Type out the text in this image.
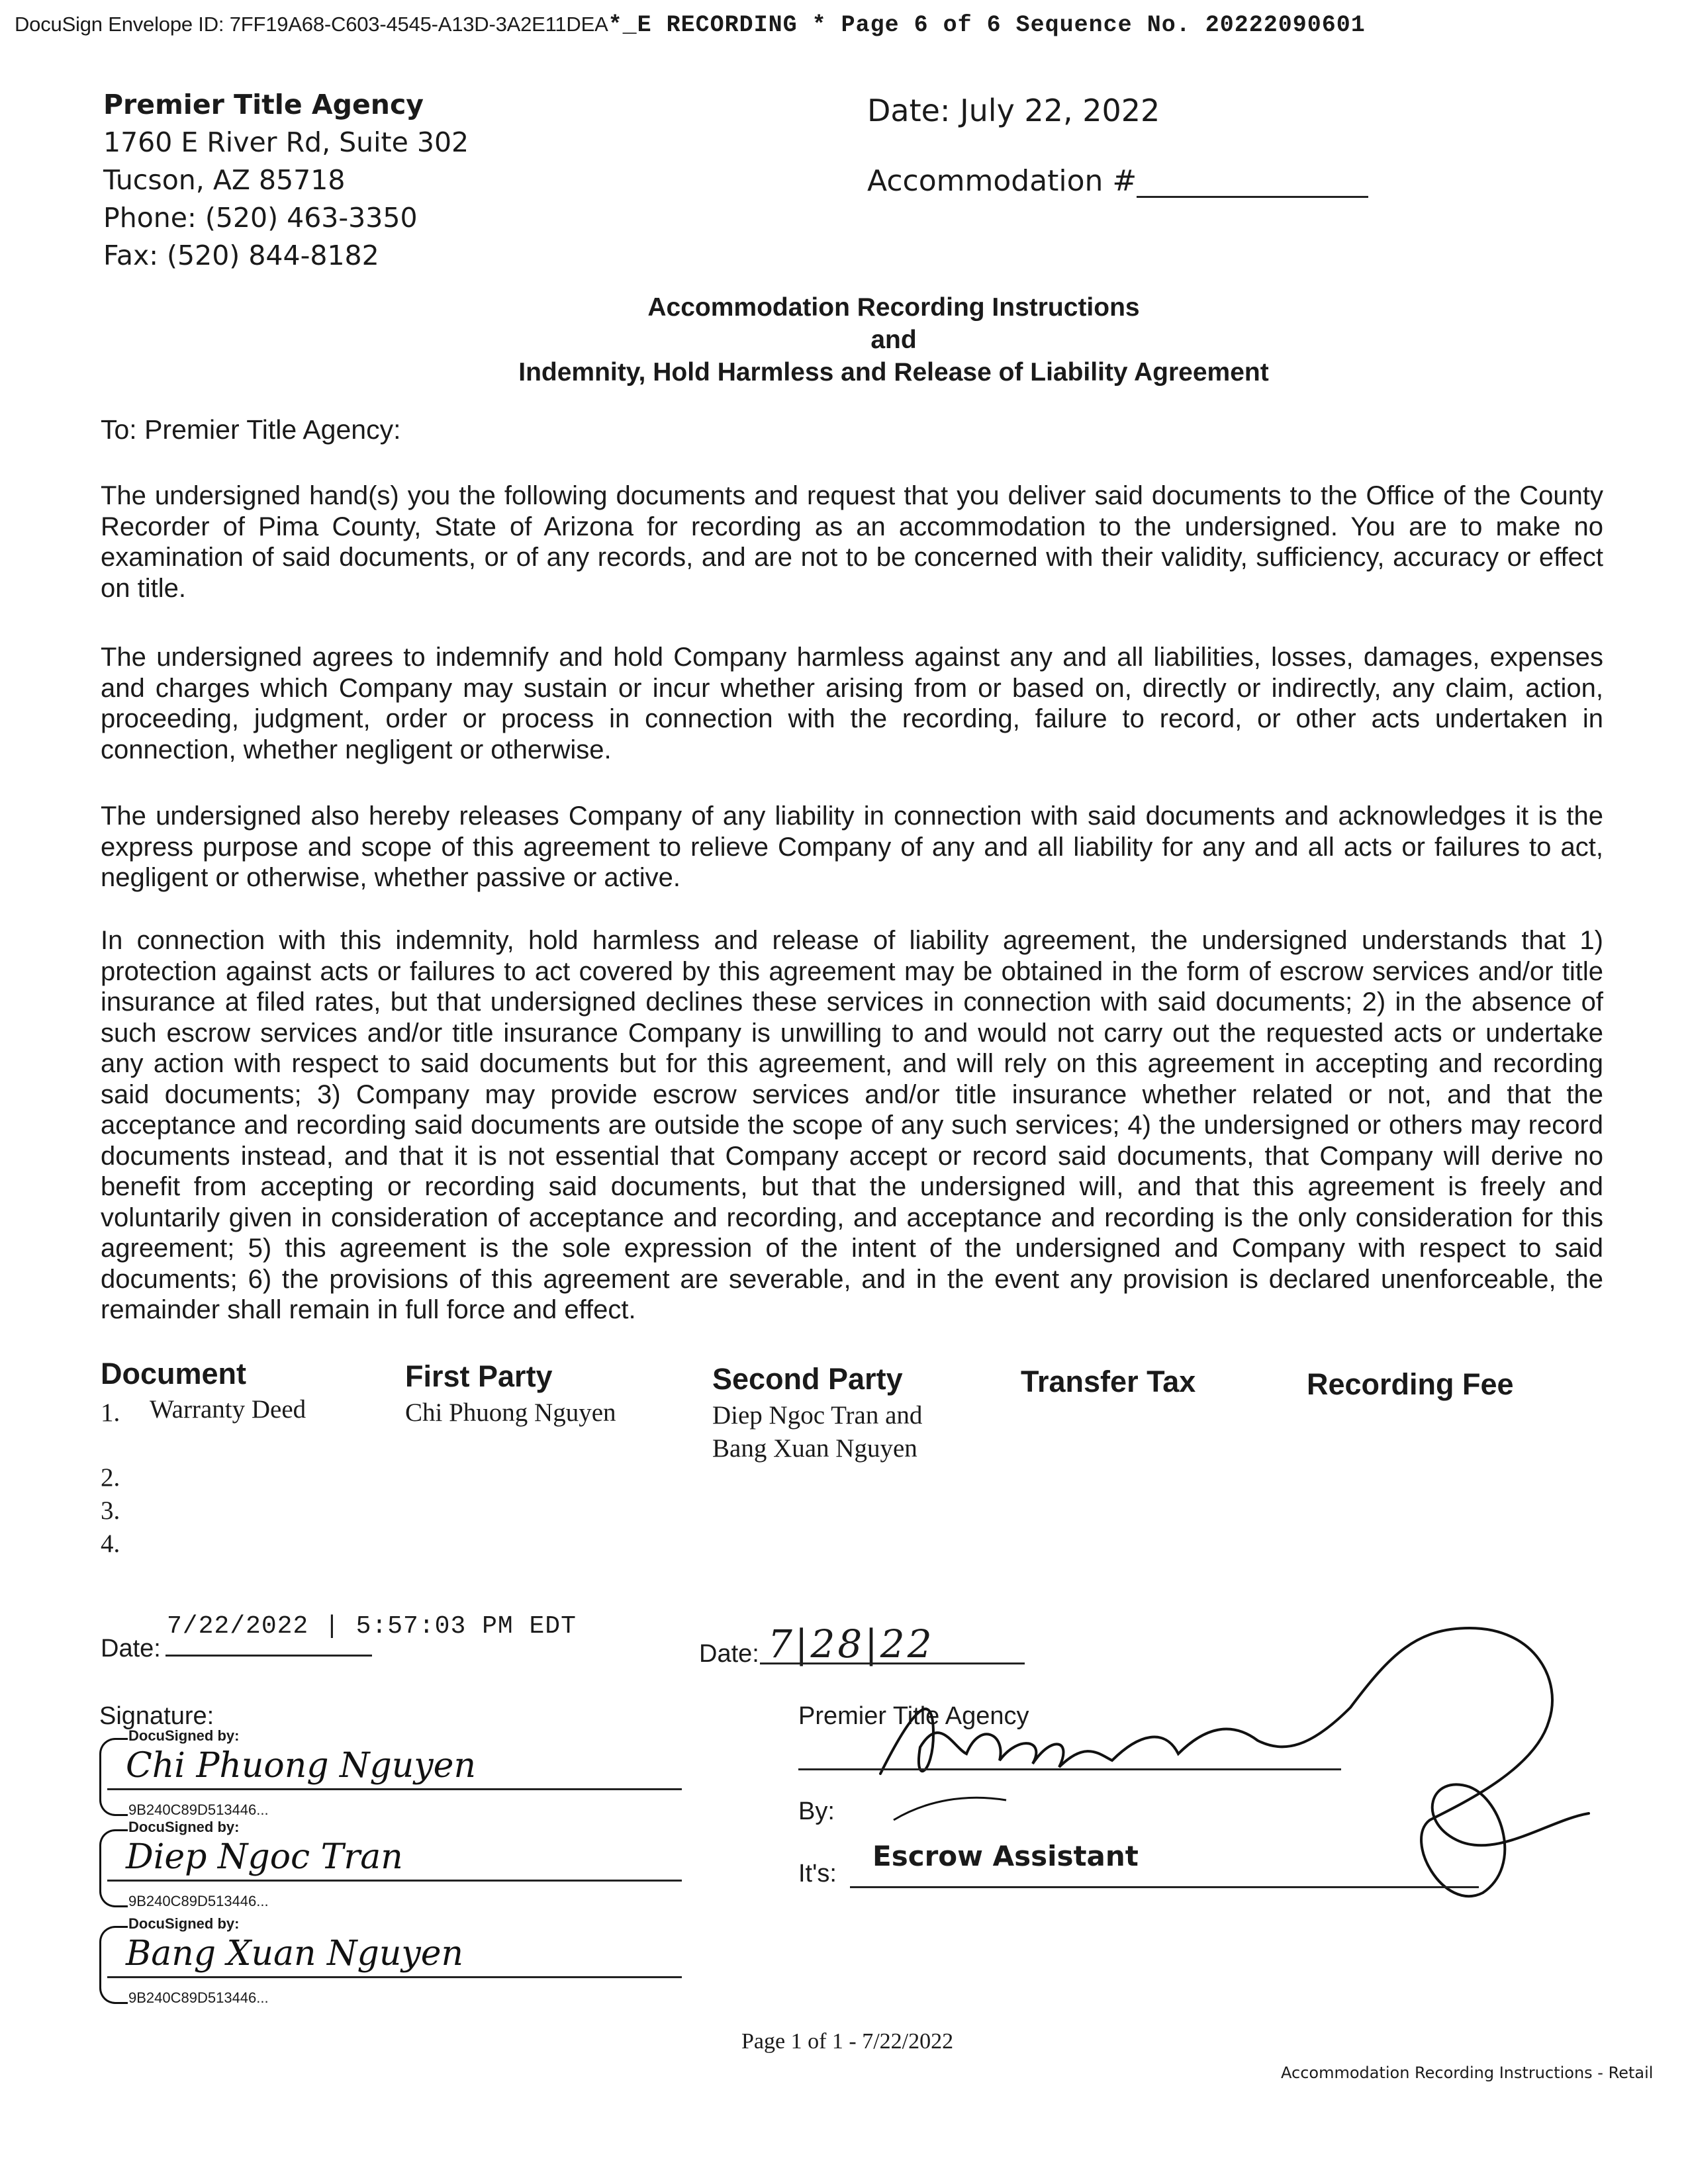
DocuSign Envelope ID: 7FF19A68-C603-4545-A13D-3A2E11DEA*_E RECORDING * Page 6 of 6 Sequence No. 20222090601
Premier Title Agency
1760 E River Rd, Suite 302
Tucson, AZ 85718
Phone: (520) 463-3350
Fax: (520) 844-8182
Date: July 22, 2022
Accommodation #
Accommodation Recording Instructions
and
Indemnity, Hold Harmless and Release of Liability Agreement
To: Premier Title Agency:
The undersigned hand(s) you the following documents and request that you deliver said documents to the Office of the County Recorder of Pima County, State of Arizona for recording as an accommodation to the undersigned. You are to make no examination of said documents, or of any records, and are not to be concerned with their validity, sufficiency, accuracy or effect on title.
The undersigned agrees to indemnify and hold Company harmless against any and all liabilities, losses, damages, expenses and charges which Company may sustain or incur whether arising from or based on, directly or indirectly, any claim, action, proceeding, judgment, order or process in connection with the recording, failure to record, or other acts undertaken in connection, whether negligent or otherwise.
The undersigned also hereby releases Company of any liability in connection with said documents and acknowledges it is the express purpose and scope of this agreement to relieve Company of any and all liability for any and all acts or failures to act, negligent or otherwise, whether passive or active.
In connection with this indemnity, hold harmless and release of liability agreement, the undersigned understands that 1) protection against acts or failures to act covered by this agreement may be obtained in the form of escrow services and/or title insurance at filed rates, but that undersigned declines these services in connection with said documents; 2) in the absence of such escrow services and/or title insurance Company is unwilling to and would not carry out the requested acts or undertake any action with respect to said documents but for this agreement, and will rely on this agreement in accepting and recording said documents; 3) Company may provide escrow services and/or title insurance whether related or not, and that the acceptance and recording said documents are outside the scope of any such services; 4) the undersigned or others may record documents instead, and that it is not essential that Company accept or record said documents, that Company will derive no benefit from accepting or recording said documents, but that the undersigned will, and that this agreement is freely and voluntarily given in consideration of acceptance and recording, and acceptance and recording is the only consideration for this agreement; 5) this agreement is the sole expression of the intent of the undersigned and Company with respect to said documents; 6) the provisions of this agreement are severable, and in the event any provision is declared unenforceable, the remainder shall remain in full force and effect.
Document	First Party	Second Party	Transfer Tax	Recording Fee
1. Warranty Deed	Chi Phuong Nguyen	Diep Ngoc Tran and
Bang Xuan Nguyen
2.
3.
4.
7/22/2022 | 5:57:03 PM EDT
Date:
Signature:
DocuSigned by:
Chi Phuong Nguyen
9B240C89D513446...
DocuSigned by:
Diep Ngoc Tran
9B240C89D513446...
DocuSigned by:
Bang Xuan Nguyen
9B240C89D513446...
Date: 7|28|22
Premier Title Agency
By:
Escrow Assistant
It's:
Page 1 of 1 - 7/22/2022
Accommodation Recording Instructions - Retail
